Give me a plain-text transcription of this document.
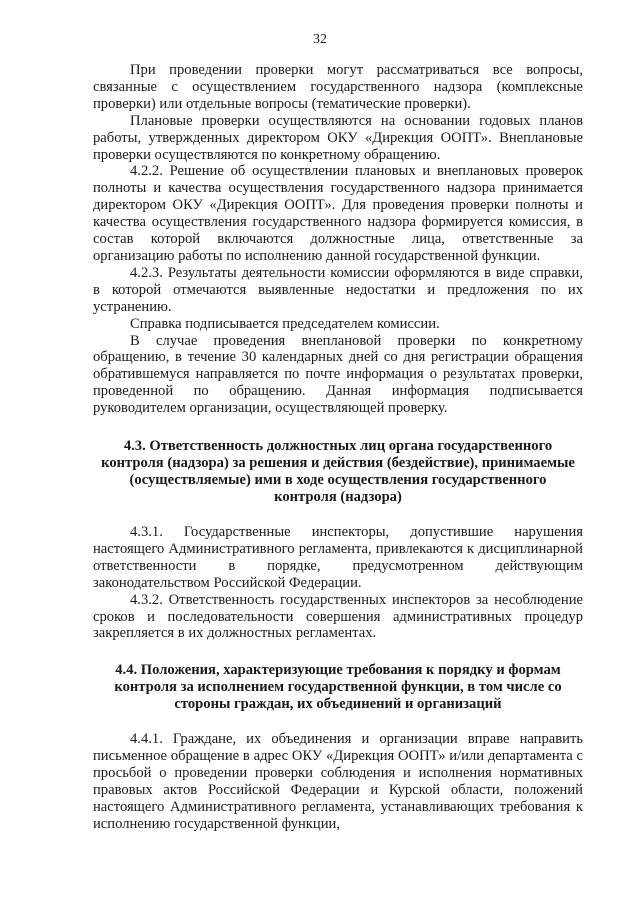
32

При проведении проверки могут рассматриваться все вопросы, связанные с осуществлением государственного надзора (комплексные проверки) или отдельные вопросы (тематические проверки).

Плановые проверки осуществляются на основании годовых планов работы, утвержденных директором ОКУ «Дирекция ООПТ». Внеплановые проверки осуществляются по конкретному обращению.

4.2.2. Решение об осуществлении плановых и внеплановых проверок полноты и качества осуществления государственного надзора принимается директором ОКУ «Дирекция ООПТ». Для проведения проверки полноты и качества осуществления государственного надзора формируется комиссия, в состав которой включаются должностные лица, ответственные за организацию работы по исполнению данной государственной функции.

4.2.3. Результаты деятельности комиссии оформляются в виде справки, в которой отмечаются выявленные недостатки и предложения по их устранению.

Справка подписывается председателем комиссии.

В случае проведения внеплановой проверки по конкретному обращению, в течение 30 календарных дней со дня регистрации обращения обратившемуся направляется по почте информация о результатах проверки, проведенной по обращению. Данная информация подписывается руководителем организации, осуществляющей проверку.

4.3. Ответственность должностных лиц органа государственного контроля (надзора) за решения и действия (бездействие), принимаемые (осуществляемые) ими в ходе осуществления государственного контроля (надзора)

4.3.1. Государственные инспекторы, допустившие нарушения настоящего Административного регламента, привлекаются к дисциплинарной ответственности в порядке, предусмотренном действующим законодательством Российской Федерации.

4.3.2. Ответственность государственных инспекторов за несоблюдение сроков и последовательности совершения административных процедур закрепляется в их должностных регламентах.

4.4. Положения, характеризующие требования к порядку и формам контроля за исполнением государственной функции, в том числе со стороны граждан, их объединений и организаций

4.4.1. Граждане, их объединения и организации вправе направить письменное обращение в адрес ОКУ «Дирекция ООПТ» и/или департамента с просьбой о проведении проверки соблюдения и исполнения нормативных правовых актов Российской Федерации и Курской области, положений настоящего Административного регламента, устанавливающих требования к исполнению государственной функции,
